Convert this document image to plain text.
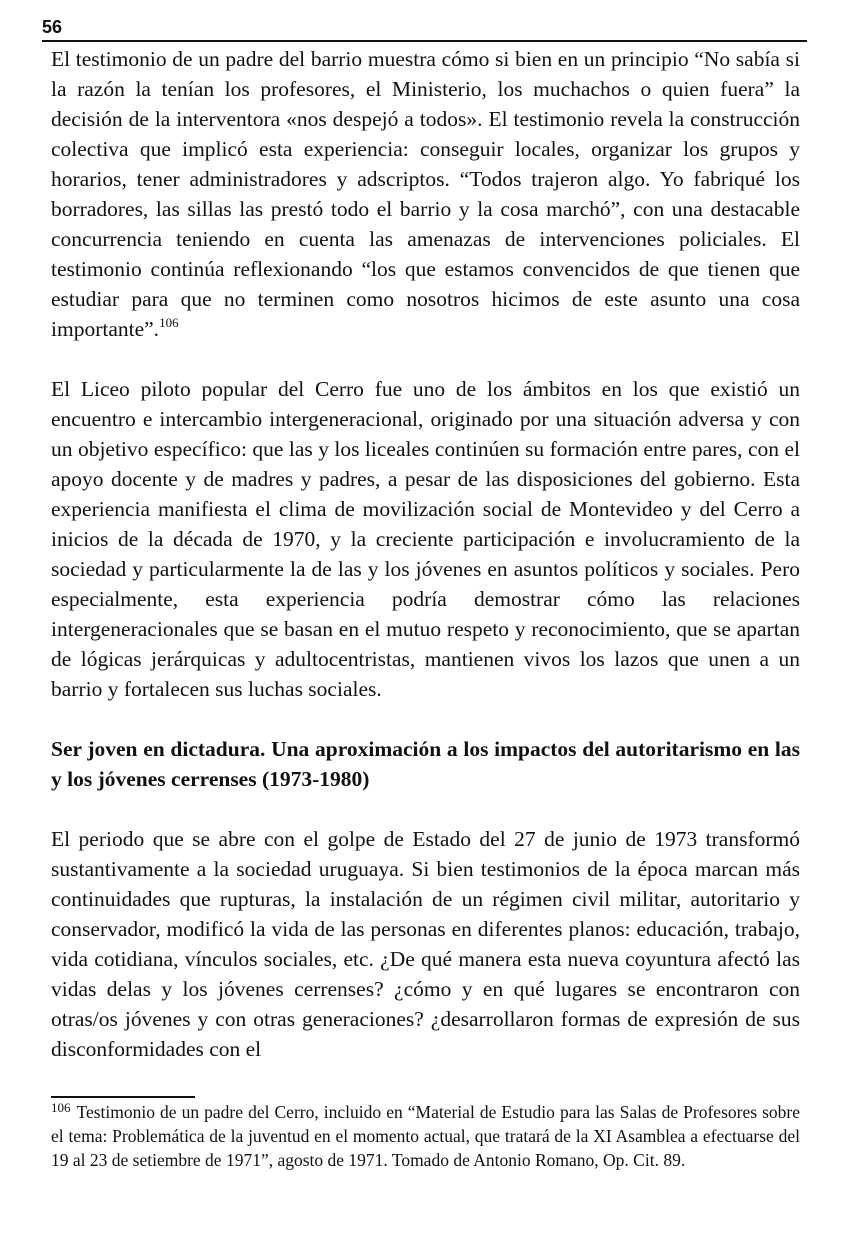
56

El testimonio de un padre del barrio muestra cómo si bien en un principio “No sabía si la razón la tenían los profesores, el Ministerio, los muchachos o quien fuera” la decisión de la interventora «nos despejó a todos». El testimonio revela la construcción colectiva que implicó esta experiencia: conseguir locales, organizar los grupos y horarios, tener administradores y adscriptos. “Todos trajeron algo. Yo fabriqué los borradores, las sillas las prestó todo el barrio y la cosa marchó”, con una destacable concurrencia teniendo en cuenta las amenazas de intervenciones policiales. El testimonio continúa reflexionando “los que estamos convencidos de que tienen que estudiar para que no terminen como nosotros hicimos de este asunto una cosa importante”.$^{106}$

El Liceo piloto popular del Cerro fue uno de los ámbitos en los que existió un encuentro e intercambio intergeneracional, originado por una situación adversa y con un objetivo específico: que las y los liceales continúen su formación entre pares, con el apoyo docente y de madres y padres, a pesar de las disposiciones del gobierno. Esta experiencia manifiesta el clima de movilización social de Montevideo y del Cerro a inicios de la década de 1970, y la creciente participación e involucramiento de la sociedad y particularmente la de las y los jóvenes en asuntos políticos y sociales. Pero especialmente, esta experiencia podría demostrar cómo las relaciones intergeneracionales que se basan en el mutuo respeto y reconocimiento, que se apartan de lógicas jerárquicas y adultocentristas, mantienen vivos los lazos que unen a un barrio y fortalecen sus luchas sociales.

Ser joven en dictadura. Una aproximación a los impactos del autoritarismo en las y los jóvenes cerrenses (1973-1980)

El periodo que se abre con el golpe de Estado del 27 de junio de 1973 transformó sustantivamente a la sociedad uruguaya. Si bien testimonios de la época marcan más continuidades que rupturas, la instalación de un régimen civil militar, autoritario y conservador, modificó la vida de las personas en diferentes planos: educación, trabajo, vida cotidiana, vínculos sociales, etc. ¿De qué manera esta nueva coyuntura afectó las vidas delas y los jóvenes cerrenses? ¿cómo y en qué lugares se encontraron con otras/os jóvenes y con otras generaciones? ¿desarrollaron formas de expresión de sus disconformidades con el

$^{106}$ Testimonio de un padre del Cerro, incluido en “Material de Estudio para las Salas de Profesores sobre el tema: Problemática de la juventud en el momento actual, que tratará de la XI Asamblea a efectuarse del 19 al 23 de setiembre de 1971”, agosto de 1971. Tomado de Antonio Romano, Op. Cit. 89.
